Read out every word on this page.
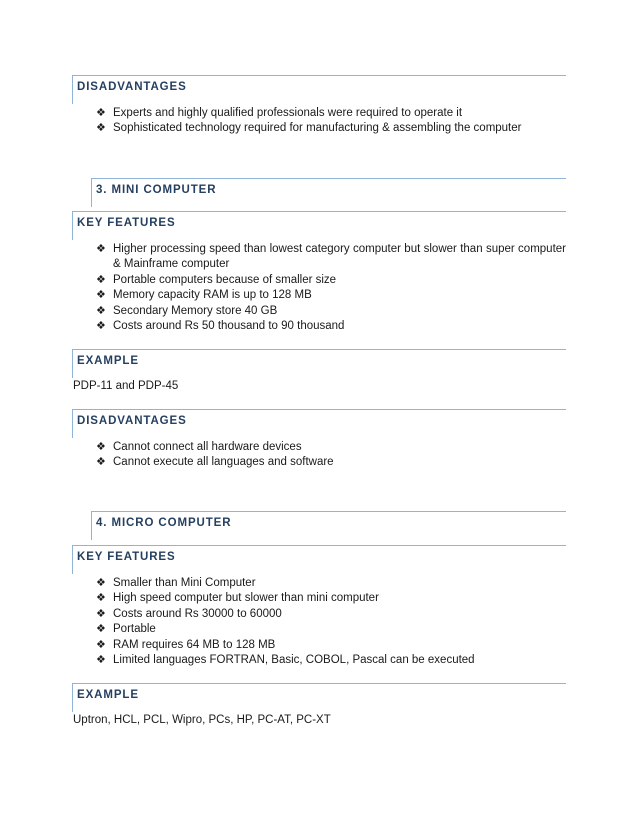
DISADVANTAGES
❖ Experts and highly qualified professionals were required to operate it
❖ Sophisticated technology required for manufacturing & assembling the computer
3. MINI COMPUTER
KEY FEATURES
❖ Higher processing speed than lowest category computer but slower than super computer & Mainframe computer
❖ Portable computers because of smaller size
❖ Memory capacity RAM is up to 128 MB
❖ Secondary Memory store 40 GB
❖ Costs around Rs 50 thousand to 90 thousand
EXAMPLE
PDP-11 and PDP-45
DISADVANTAGES
❖ Cannot connect all hardware devices
❖ Cannot execute all languages and software
4. MICRO COMPUTER
KEY FEATURES
❖ Smaller than Mini Computer
❖ High speed computer but slower than mini computer
❖ Costs around Rs 30000 to 60000
❖ Portable
❖ RAM requires 64 MB to 128 MB
❖ Limited languages FORTRAN, Basic, COBOL, Pascal can be executed
EXAMPLE
Uptron, HCL, PCL, Wipro, PCs, HP, PC-AT, PC-XT
